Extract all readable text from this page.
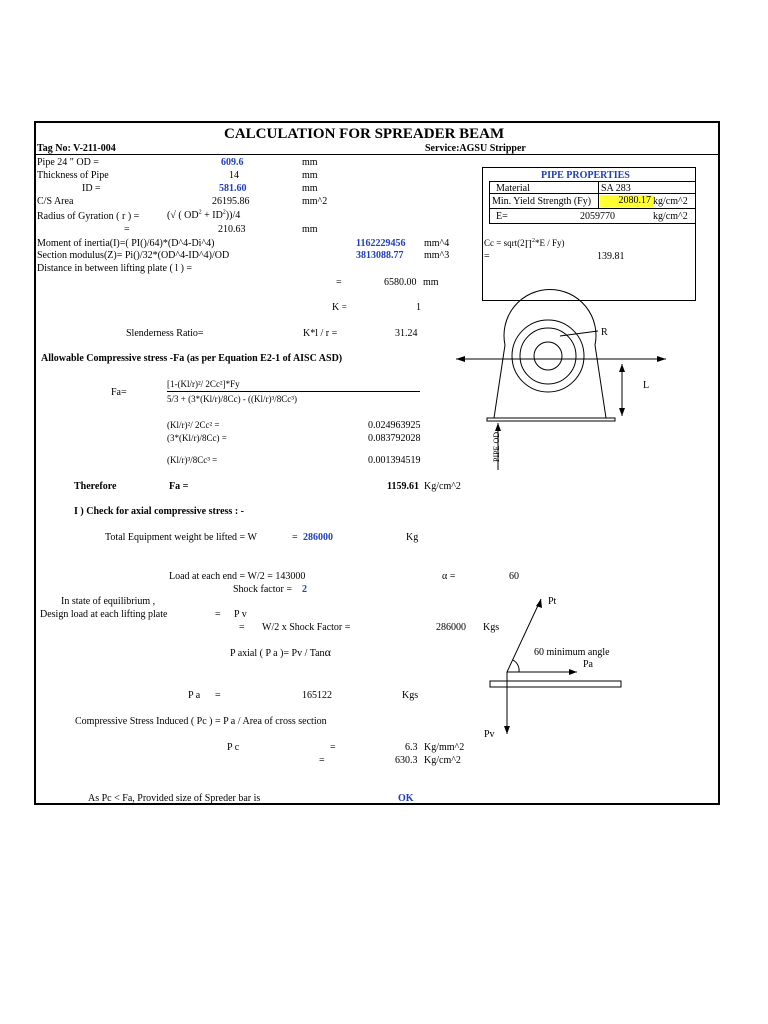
CALCULATION FOR SPREADER BEAM
Tag No: V-211-004	Service:AGSU Stripper
Pipe 24 " OD =	609.6	mm
Thickness of Pipe	14	mm
ID =	581.60	mm
C/S Area	26195.86	mm^2
Radius of Gyration ( r ) =	(√ ( $OD^2 + ID^2))/4$
=	210.63	mm
Moment of inertia(I)=( PI()/64)*(D^4-Di^4)	1162229456 mm^4
Section modulus(Z)= Pi()/32*(OD^4-ID^4)/OD	3813088.77 mm^3
Distance in between lifting plate ( l ) =
=	6580.00 mm
K =	1
Slenderness Ratio=	K*l / r =	31.24
PIPE PROPERTIES
Material	SA 283
Min. Yield Strength (Fy)	2080.17 kg/cm^2
E=	2059770	kg/cm^2
Cc = sqrt(2∏$^2$*E / Fy)
=	139.81
Allowable Compressive stress -Fa (as per Equation E2-1 of AISC ASD)
Fa=
[1-(Kl/r)²/ 2Cc²]*Fy
5/3 + (3*(Kl/r)/8Cc) - ((Kl/r)³/8Cc³)
(Kl/r)²/ 2Cc² =	0.024963925
(3*(Kl/r)/8Cc) =	0.083792028
(Kl/r)³/8Cc³ =	0.001394519
Therefore	Fa =	1159.61 Kg/cm^2
I ) Check for axial compressive stress : -
Total Equipment weight be lifted = W	= 286000	Kg
Load at each end = W/2 = 143000	α =	60
Shock factor = 2
In state of equilibrium ,
Design load at each lifting plate	= P v
= W/2 x Shock Factor =	286000 Kgs
P axial ( P a )= Pv / Tanα
P a =	165122	Kgs
Compressive Stress Induced ( Pc ) = P a / Area of cross section
P c	=	6.3 Kg/mm^2
=	630.3 Kg/cm^2
As Pc < Fa, Provided size of Spreder bar is	OK
R
L
PIPE OD
Pt
60 minimum angle
Pa
Pv
